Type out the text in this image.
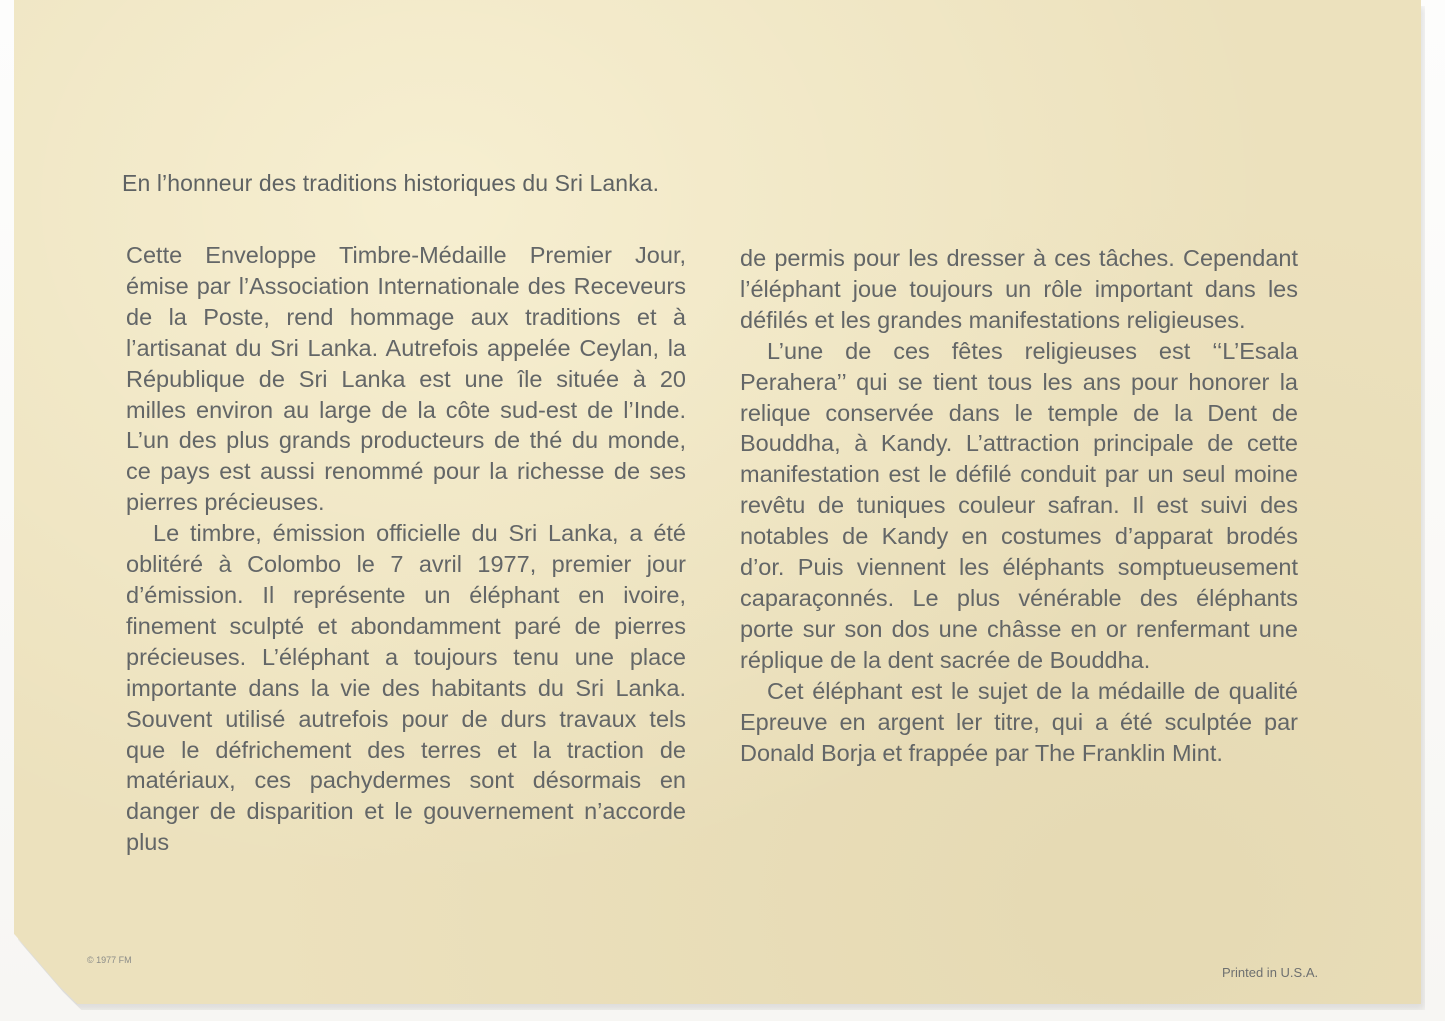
En l’honneur des traditions historiques du Sri Lanka.

Cette Enveloppe Timbre-Médaille Premier Jour, émise par l’Association Internationale des Receveurs de la Poste, rend hommage aux traditions et à l’artisanat du Sri Lanka. Autrefois appelée Ceylan, la République de Sri Lanka est une île située à 20 milles environ au large de la côte sud-est de l’Inde. L’un des plus grands producteurs de thé du monde, ce pays est aussi renommé pour la richesse de ses pierres précieuses.

Le timbre, émission officielle du Sri Lanka, a été oblitéré à Colombo le 7 avril 1977, premier jour d’émission. Il représente un éléphant en ivoire, finement sculpté et abondamment paré de pierres précieuses. L’éléphant a toujours tenu une place importante dans la vie des habitants du Sri Lanka. Souvent utilisé autrefois pour de durs travaux tels que le défrichement des terres et la traction de matériaux, ces pachydermes sont désormais en danger de disparition et le gouvernement n’accorde plus

de permis pour les dresser à ces tâches. Cependant l’éléphant joue toujours un rôle important dans les défilés et les grandes manifestations religieuses.

L’une de ces fêtes religieuses est ‘‘L’Esala Perahera’’ qui se tient tous les ans pour honorer la relique conservée dans le temple de la Dent de Bouddha, à Kandy. L’attraction principale de cette manifestation est le défilé conduit par un seul moine revêtu de tuniques couleur safran. Il est suivi des notables de Kandy en costumes d’apparat brodés d’or. Puis viennent les éléphants somptueusement caparaçonnés. Le plus vénérable des éléphants porte sur son dos une châsse en or renfermant une réplique de la dent sacrée de Bouddha.

Cet éléphant est le sujet de la médaille de qualité Epreuve en argent ler titre, qui a été sculptée par Donald Borja et frappée par The Franklin Mint.

© 1977 FM
Printed in U.S.A.
